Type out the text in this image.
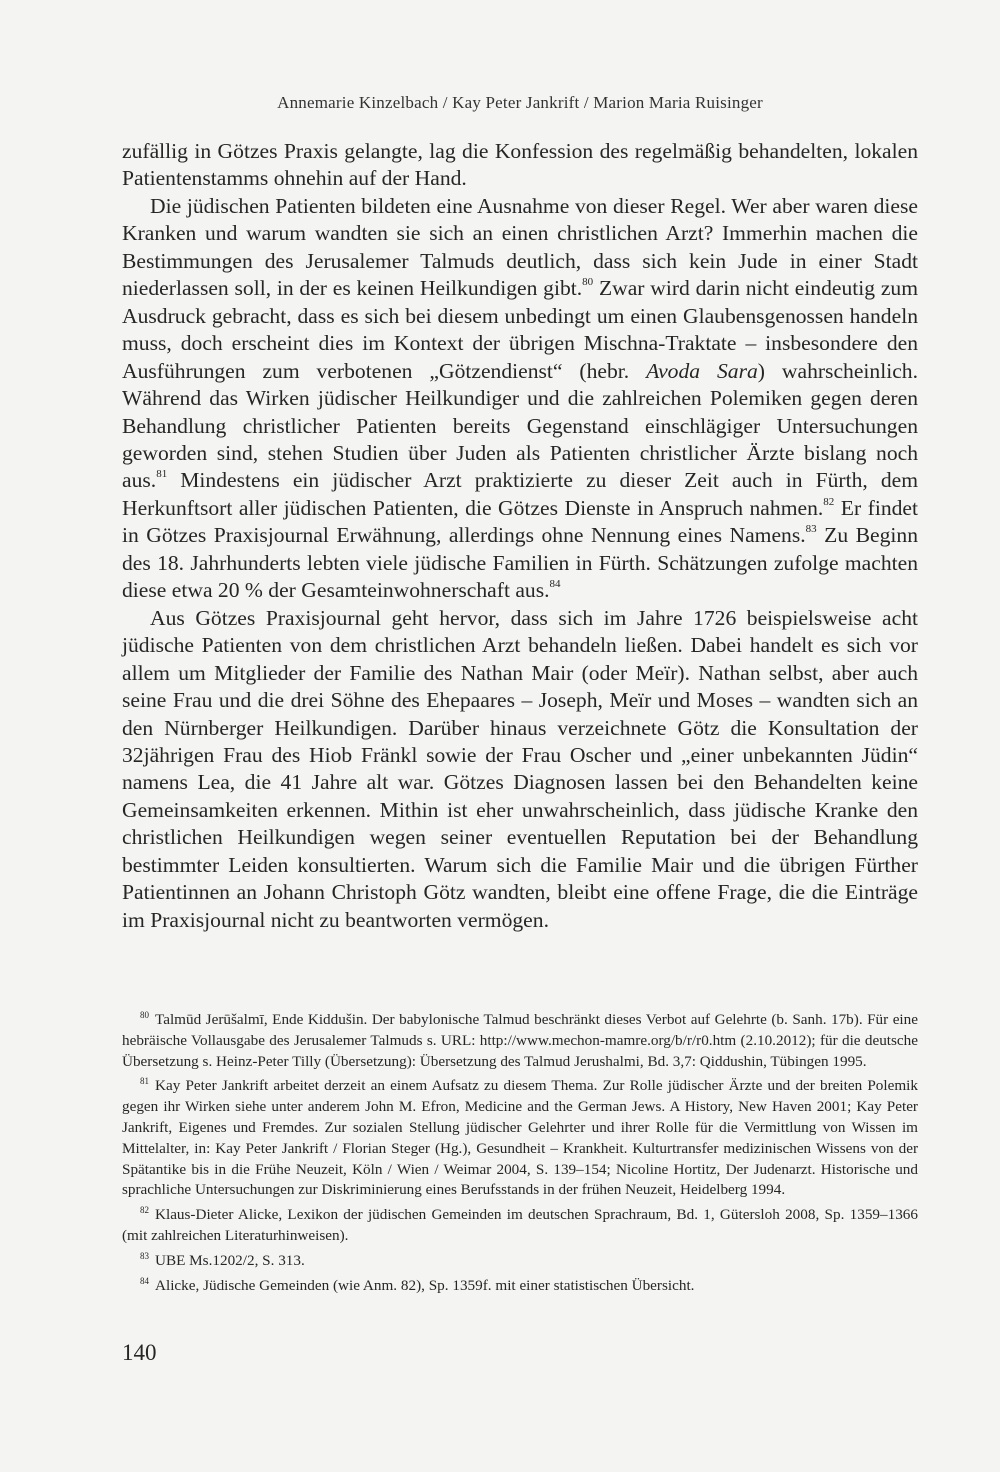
Annemarie Kinzelbach / Kay Peter Jankrift / Marion Maria Ruisinger

zufällig in Götzes Praxis gelangte, lag die Konfession des regelmäßig behandelten, lokalen Patientenstamms ohnehin auf der Hand.

Die jüdischen Patienten bildeten eine Ausnahme von dieser Regel. Wer aber waren diese Kranken und warum wandten sie sich an einen christlichen Arzt? Immerhin machen die Bestimmungen des Jerusalemer Talmuds deutlich, dass sich kein Jude in einer Stadt niederlassen soll, in der es keinen Heilkundigen gibt.$^{80}$ Zwar wird darin nicht eindeutig zum Ausdruck gebracht, dass es sich bei diesem unbedingt um einen Glaubensgenossen handeln muss, doch erscheint dies im Kontext der übrigen Mischna-Traktate – insbesondere den Ausführungen zum verbotenen „Götzendienst“ (hebr. Avoda Sara) wahrscheinlich. Während das Wirken jüdischer Heilkundiger und die zahlreichen Polemiken gegen deren Behandlung christlicher Patienten bereits Gegenstand einschlägiger Untersuchungen geworden sind, stehen Studien über Juden als Patienten christlicher Ärzte bislang noch aus.$^{81}$ Mindestens ein jüdischer Arzt praktizierte zu dieser Zeit auch in Fürth, dem Herkunftsort aller jüdischen Patienten, die Götzes Dienste in Anspruch nahmen.$^{82}$ Er findet in Götzes Praxisjournal Erwähnung, allerdings ohne Nennung eines Namens.$^{83}$ Zu Beginn des 18. Jahrhunderts lebten viele jüdische Familien in Fürth. Schätzungen zufolge machten diese etwa 20 % der Gesamteinwohnerschaft aus.$^{84}$

Aus Götzes Praxisjournal geht hervor, dass sich im Jahre 1726 beispielsweise acht jüdische Patienten von dem christlichen Arzt behandeln ließen. Dabei handelt es sich vor allem um Mitglieder der Familie des Nathan Mair (oder Meïr). Nathan selbst, aber auch seine Frau und die drei Söhne des Ehepaares – Joseph, Meïr und Moses – wandten sich an den Nürnberger Heilkundigen. Darüber hinaus verzeichnete Götz die Konsultation der 32jährigen Frau des Hiob Fränkl sowie der Frau Oscher und „einer unbekannten Jüdin“ namens Lea, die 41 Jahre alt war. Götzes Diagnosen lassen bei den Behandelten keine Gemeinsamkeiten erkennen. Mithin ist eher unwahrscheinlich, dass jüdische Kranke den christlichen Heilkundigen wegen seiner eventuellen Reputation bei der Behandlung bestimmter Leiden konsultierten. Warum sich die Familie Mair und die übrigen Fürther Patientinnen an Johann Christoph Götz wandten, bleibt eine offene Frage, die die Einträge im Praxisjournal nicht zu beantworten vermögen.

$^{80}$ Talmūd Jerūšalmī, Ende Kiddušin. Der babylonische Talmud beschränkt dieses Verbot auf Gelehrte (b. Sanh. 17b). Für eine hebräische Vollausgabe des Jerusalemer Talmuds s. URL: http://www.mechon-mamre.org/b/r/r0.htm (2.10.2012); für die deutsche Übersetzung s. Heinz-Peter Tilly (Übersetzung): Übersetzung des Talmud Jerushalmi, Bd. 3,7: Qiddushin, Tübingen 1995.

$^{81}$ Kay Peter Jankrift arbeitet derzeit an einem Aufsatz zu diesem Thema. Zur Rolle jüdischer Ärzte und der breiten Polemik gegen ihr Wirken siehe unter anderem John M. Efron, Medicine and the German Jews. A History, New Haven 2001; Kay Peter Jankrift, Eigenes und Fremdes. Zur sozialen Stellung jüdischer Gelehrter und ihrer Rolle für die Vermittlung von Wissen im Mittelalter, in: Kay Peter Jankrift / Florian Steger (Hg.), Gesundheit – Krankheit. Kulturtransfer medizinischen Wissens von der Spätantike bis in die Frühe Neuzeit, Köln / Wien / Weimar 2004, S. 139–154; Nicoline Hortitz, Der Judenarzt. Historische und sprachliche Untersuchungen zur Diskriminierung eines Berufsstands in der frühen Neuzeit, Heidelberg 1994.

$^{82}$ Klaus-Dieter Alicke, Lexikon der jüdischen Gemeinden im deutschen Sprachraum, Bd. 1, Gütersloh 2008, Sp. 1359–1366 (mit zahlreichen Literaturhinweisen).

$^{83}$ UBE Ms.1202/2, S. 313.

$^{84}$ Alicke, Jüdische Gemeinden (wie Anm. 82), Sp. 1359f. mit einer statistischen Übersicht.

140
